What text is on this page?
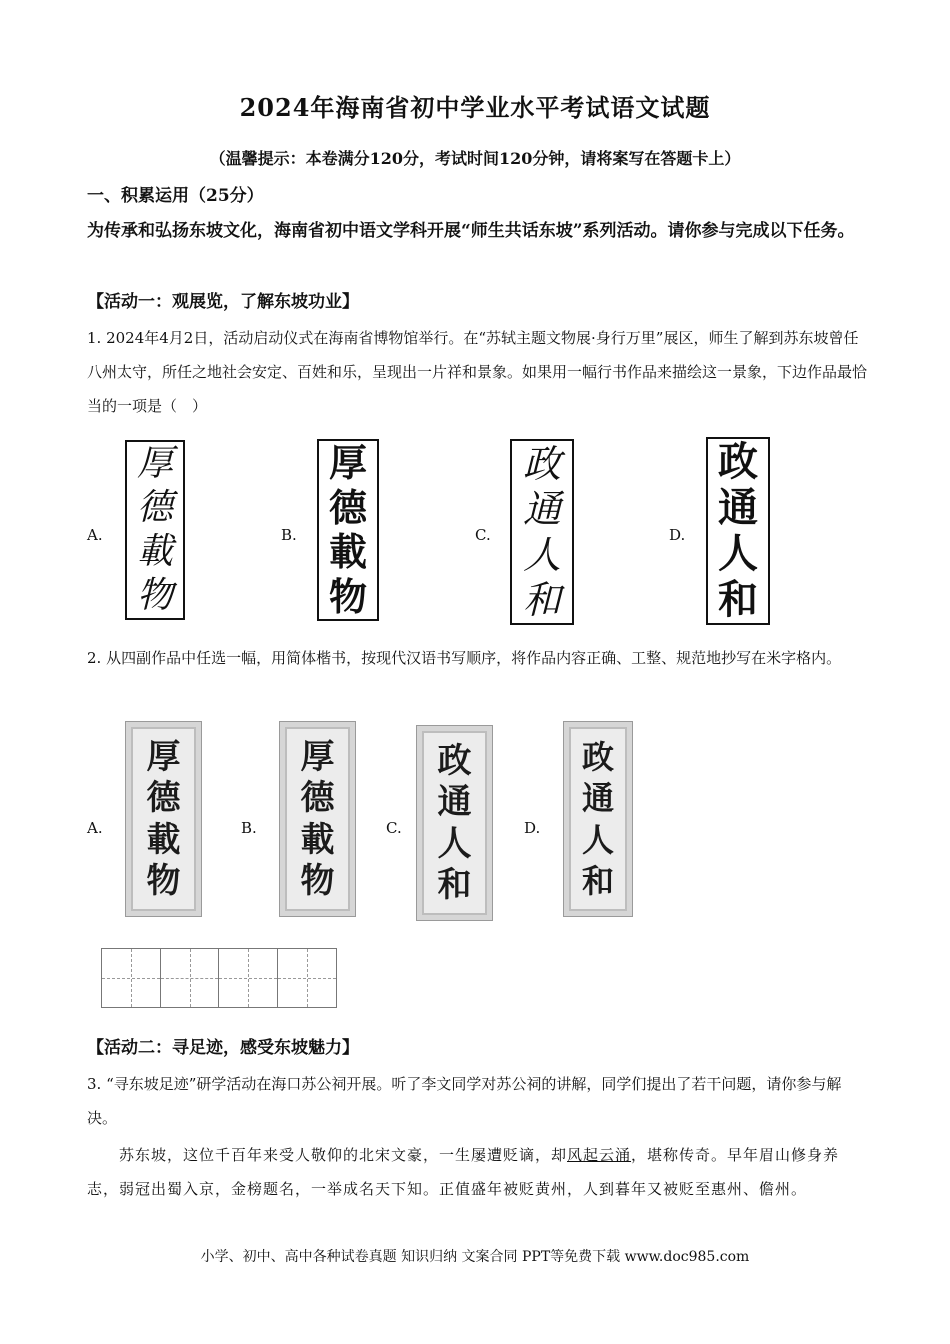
2024年海南省初中学业水平考试语文试题
（温馨提示：本卷满分120分，考试时间120分钟，请将案写在答题卡上）
一、积累运用（25分）
为传承和弘扬东坡文化，海南省初中语文学科开展“师生共话东坡”系列活动。请你参与完成以下任务。
【活动一：观展览，了解东坡功业】
1. 2024年4月2日，活动启动仪式在海南省博物馆举行。在“苏轼主题文物展·身行万里”展区，师生了解到苏东坡曾任八州太守，所任之地社会安定、百姓和乐，呈现出一片祥和景象。如果用一幅行书作品来描绘这一景象，下边作品最恰当的一项是（　）
A.
厚
德
載
物
B.
厚
德
載
物
C.
政
通
人
和
D.
政
通
人
和
2. 从四副作品中任选一幅，用简体楷书，按现代汉语书写顺序，将作品内容正确、工整、规范地抄写在米字格内。
A.
厚
德
載
物
B.
厚
德
載
物
C.
政
通
人
和
D.
政
通
人
和
【活动二：寻足迹，感受东坡魅力】
3. “寻东坡足迹”研学活动在海口苏公祠开展。听了李文同学对苏公祠的讲解，同学们提出了若干问题，请你参与解决。
苏东坡，这位千百年来受人敬仰的北宋文豪，一生屡遭贬谪，却风起云涌，堪称传奇。早年眉山修身养志，弱冠出蜀入京，金榜题名，一举成名天下知。正值盛年被贬黄州，人到暮年又被贬至惠州、儋州。
小学、初中、高中各种试卷真题 知识归纳 文案合同 PPT等免费下载 www.doc985.com
